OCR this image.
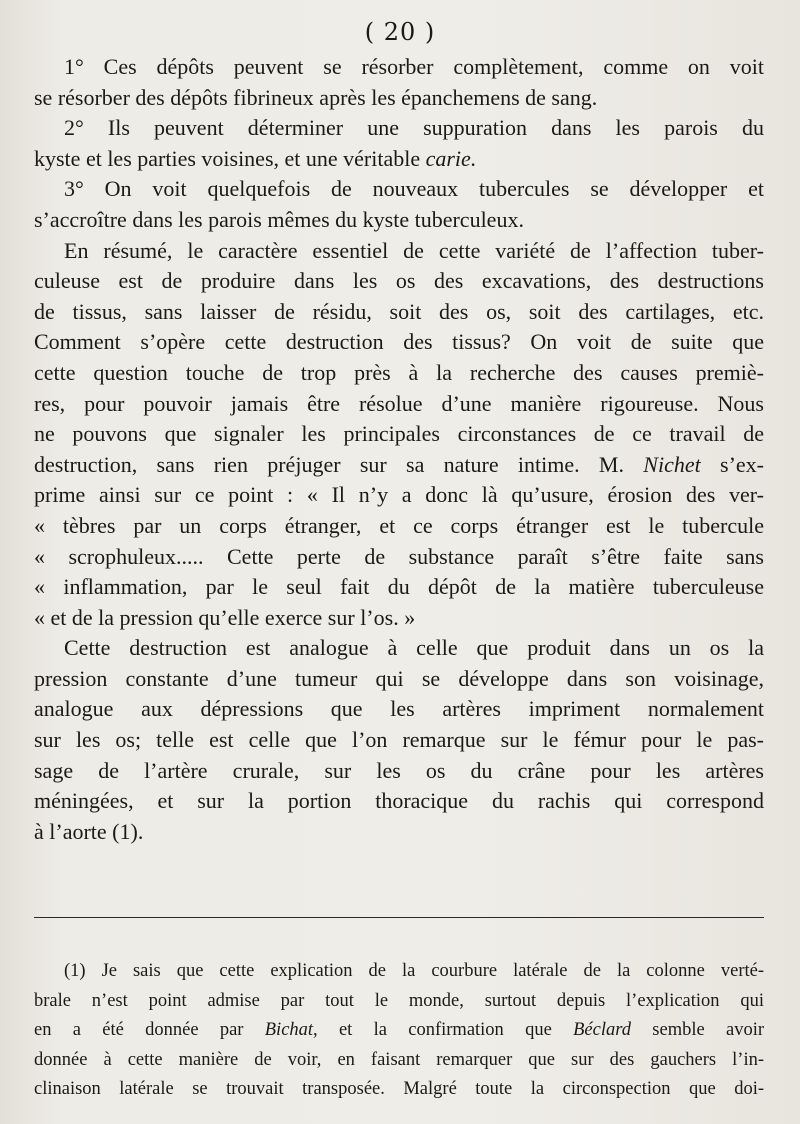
( 20 )
1° Ces dépôts peuvent se résorber complètement, comme on voit
se résorber des dépôts fibrineux après les épanchemens de sang.
2° Ils peuvent déterminer une suppuration dans les parois du
kyste et les parties voisines, et une véritable carie.
3° On voit quelquefois de nouveaux tubercules se développer et
s’accroître dans les parois mêmes du kyste tuberculeux.
En résumé, le caractère essentiel de cette variété de l’affection tuber-
culeuse est de produire dans les os des excavations, des destructions
de tissus, sans laisser de résidu, soit des os, soit des cartilages, etc.
Comment s’opère cette destruction des tissus? On voit de suite que
cette question touche de trop près à la recherche des causes premiè-
res, pour pouvoir jamais être résolue d’une manière rigoureuse. Nous
ne pouvons que signaler les principales circonstances de ce travail de
destruction, sans rien préjuger sur sa nature intime. M. Nichet s’ex-
prime ainsi sur ce point : « Il n’y a donc là qu’usure, érosion des ver-
« tèbres par un corps étranger, et ce corps étranger est le tubercule
« scrophuleux..... Cette perte de substance paraît s’être faite sans
« inflammation, par le seul fait du dépôt de la matière tuberculeuse
« et de la pression qu’elle exerce sur l’os. »
Cette destruction est analogue à celle que produit dans un os la
pression constante d’une tumeur qui se développe dans son voisinage,
analogue aux dépressions que les artères impriment normalement
sur les os; telle est celle que l’on remarque sur le fémur pour le pas-
sage de l’artère crurale, sur les os du crâne pour les artères
méningées, et sur la portion thoracique du rachis qui correspond
à l’aorte (1).
(1) Je sais que cette explication de la courbure latérale de la colonne verté-
brale n’est point admise par tout le monde, surtout depuis l’explication qui
en a été donnée par Bichat, et la confirmation que Béclard semble avoir
donnée à cette manière de voir, en faisant remarquer que sur des gauchers l’in-
clinaison latérale se trouvait transposée. Malgré toute la circonspection que doi-
